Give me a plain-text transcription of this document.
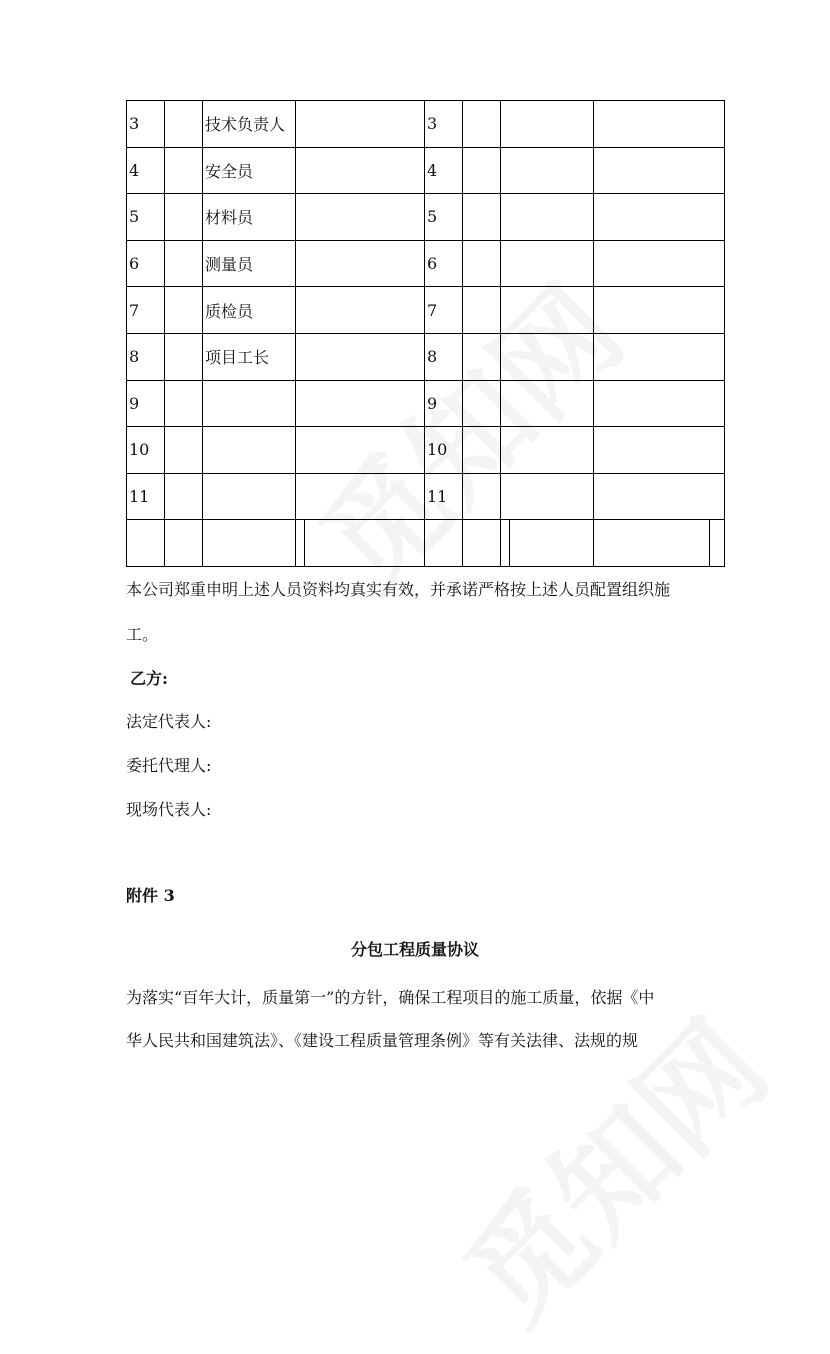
3		技术负责人		3			
4		安全员		4			
5		材料员		5			
6		测量员		6			
7		质检员		7			
8		项目工长		8			
9				9			
10				10			
11				11			

本公司郑重申明上述人员资料均真实有效，并承诺严格按上述人员配置组织施
工。
乙方:
法定代表人:
委托代理人:
现场代表人:
附件 3
分包工程质量协议
为落实“百年大计，质量第一”的方针，确保工程项目的施工质量，依据《中
华人民共和国建筑法》、《建设工程质量管理条例》等有关法律、法规的规
